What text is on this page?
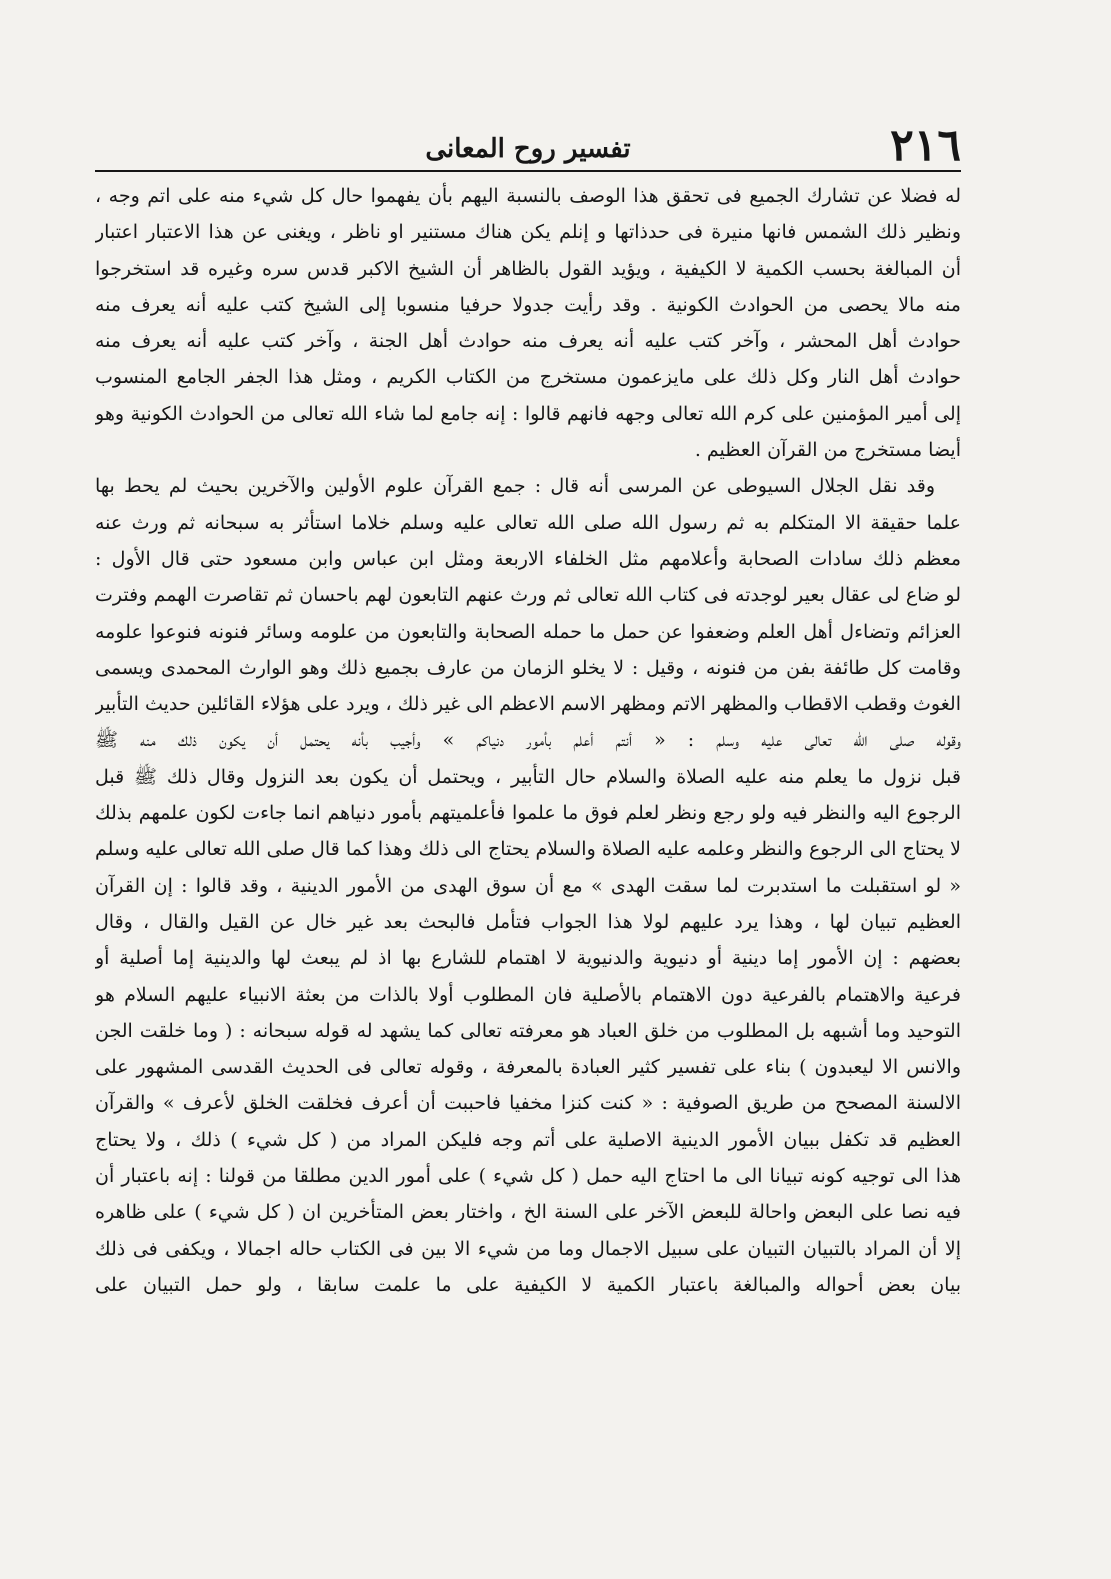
٢١٦
تفسير روح المعانى
له فضلا عن تشارك الجميع فى تحقق هذا الوصف بالنسبة اليهم بأن يفهموا حال كل شيء منه على اتم وجه ،
ونظير ذلك الشمس فانها منيرة فى حدذاتها و إنلم يكن هناك مستنير او ناظر ، ويغنى عن هذا الاعتبار اعتبار
أن المبالغة بحسب الكمية لا الكيفية ، ويؤيد القول بالظاهر أن الشيخ الاكبر قدس سره وغيره قد استخرجوا
منه مالا يحصى من الحوادث الكونية . وقد رأيت جدولا حرفيا منسوبا إلى الشيخ كتب عليه أنه يعرف منه
حوادث أهل المحشر ، وآخر كتب عليه أنه يعرف منه حوادث أهل الجنة ، وآخر كتب عليه أنه يعرف منه
حوادث أهل النار وكل ذلك على مايزعمون مستخرج من الكتاب الكريم ، ومثل هذا الجفر الجامع المنسوب
إلى أمير المؤمنين على كرم الله تعالى وجهه فانهم قالوا : إنه جامع لما شاء الله تعالى من الحوادث الكونية وهو
أيضا مستخرج من القرآن العظيم .
وقد نقل الجلال السيوطى عن المرسى أنه قال : جمع القرآن علوم الأولين والآخرين بحيث لم يحط بها
علما حقيقة الا المتكلم به ثم رسول الله صلى الله تعالى عليه وسلم خلاما استأثر به سبحانه ثم ورث عنه
معظم ذلك سادات الصحابة وأعلامهم مثل الخلفاء الاربعة ومثل ابن عباس وابن مسعود حتى قال الأول :
لو ضاع لى عقال بعير لوجدته فى كتاب الله تعالى ثم ورث عنهم التابعون لهم باحسان ثم تقاصرت الهمم وفترت
العزائم وتضاءل أهل العلم وضعفوا عن حمل ما حمله الصحابة والتابعون من علومه وسائر فنونه فنوعوا علومه
وقامت كل طائفة بفن من فنونه ، وقيل : لا يخلو الزمان من عارف بجميع ذلك وهو الوارث المحمدى ويسمى
الغوث وقطب الاقطاب والمظهر الاتم ومظهر الاسم الاعظم الى غير ذلك ، ويرد على هؤلاء القائلين حديث التأبير
وقوله صلى الله تعالى عليه وسلم : « أنتم أعلم بأمور دنياكم » وأجيب بأنه يحتمل أن يكون ذلك منه ﷺ
قبل نزول ما يعلم منه عليه الصلاة والسلام حال التأبير ، ويحتمل أن يكون بعد النزول وقال ذلك ﷺ قبل
الرجوع اليه والنظر فيه ولو رجع ونظر لعلم فوق ما علموا فأعلميتهم بأمور دنياهم انما جاءت لكون علمهم بذلك
لا يحتاج الى الرجوع والنظر وعلمه عليه الصلاة والسلام يحتاج الى ذلك وهذا كما قال صلى الله تعالى عليه وسلم
« لو استقبلت ما استدبرت لما سقت الهدى » مع أن سوق الهدى من الأمور الدينية ، وقد قالوا : إن القرآن
العظيم تبيان لها ، وهذا يرد عليهم لولا هذا الجواب فتأمل فالبحث بعد غير خال عن القيل والقال ، وقال
بعضهم : إن الأمور إما دينية أو دنيوية والدنيوية لا اهتمام للشارع بها اذ لم يبعث لها والدينية إما أصلية أو
فرعية والاهتمام بالفرعية دون الاهتمام بالأصلية فان المطلوب أولا بالذات من بعثة الانبياء عليهم السلام هو
التوحيد وما أشبهه بل المطلوب من خلق العباد هو معرفته تعالى كما يشهد له قوله سبحانه : ( وما خلقت الجن
والانس الا ليعبدون ) بناء على تفسير كثير العبادة بالمعرفة ، وقوله تعالى فى الحديث القدسى المشهور على
الالسنة المصحح من طريق الصوفية : « كنت كنزا مخفيا فاحببت أن أعرف فخلقت الخلق لأعرف » والقرآن
العظيم قد تكفل ببيان الأمور الدينية الاصلية على أتم وجه فليكن المراد من ( كل شيء ) ذلك ، ولا يحتاج
هذا الى توجيه كونه تبيانا الى ما احتاج اليه حمل ( كل شيء ) على أمور الدين مطلقا من قولنا : إنه باعتبار أن
فيه نصا على البعض واحالة للبعض الآخر على السنة الخ ، واختار بعض المتأخرين ان ( كل شيء ) على ظاهره
إلا أن المراد بالتبيان التبيان على سبيل الاجمال وما من شيء الا بين فى الكتاب حاله اجمالا ، ويكفى فى ذلك
بيان بعض أحواله والمبالغة باعتبار الكمية لا الكيفية على ما علمت سابقا ، ولو حمل التبيان على
